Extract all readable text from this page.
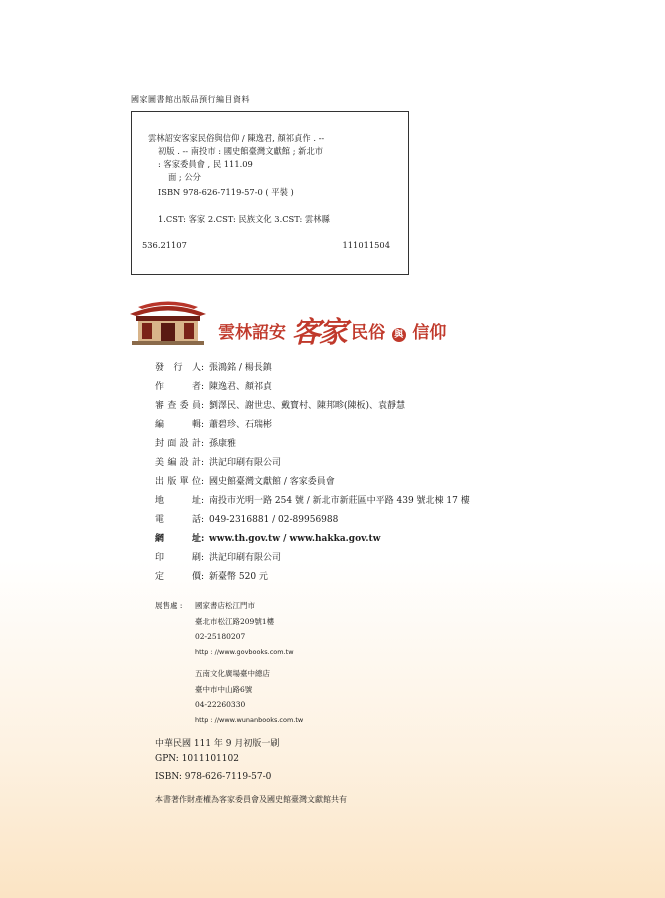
國家圖書館出版品預行編目資料
雲林詔安客家民俗與信仰 / 陳逸君, 顏祁貞作 . --
初版 . -- 南投市 : 國史館臺灣文獻館 ; 新北市
: 客家委員會 , 民 111.09
面 ; 公分
ISBN 978-626-7119-57-0 ( 平裝 )
1.CST: 客家 2.CST: 民族文化 3.CST: 雲林縣
536.21107	111011504
雲林詔安 客家 民俗 與 信仰
發行人: 張鴻銘 / 楊長鎮
作者: 陳逸君、顏祁貞
審查委員: 劉澤民、謝世忠、戴寶村、陳邦畛(陳板)、袁靜慧
編輯: 蕭碧珍、石瑞彬
封面設計: 孫康雅
美編設計: 洪記印刷有限公司
出版單位: 國史館臺灣文獻館 / 客家委員會
地址: 南投市光明一路 254 號 / 新北市新莊區中平路 439 號北棟 17 樓
電話: 049-2316881 / 02-89956988
網址: www.th.gov.tw / www.hakka.gov.tw
印刷: 洪記印刷有限公司
定價: 新臺幣 520 元
展售處 : 國家書店松江門市
臺北市松江路209號1樓
02-25180207
http : //www.govbooks.com.tw
五南文化廣場臺中總店
臺中市中山路6號
04-22260330
http : //www.wunanbooks.com.tw
中華民國 111 年 9 月初版一刷
GPN: 1011101102
ISBN: 978-626-7119-57-0
本書著作財產權為客家委員會及國史館臺灣文獻館共有
